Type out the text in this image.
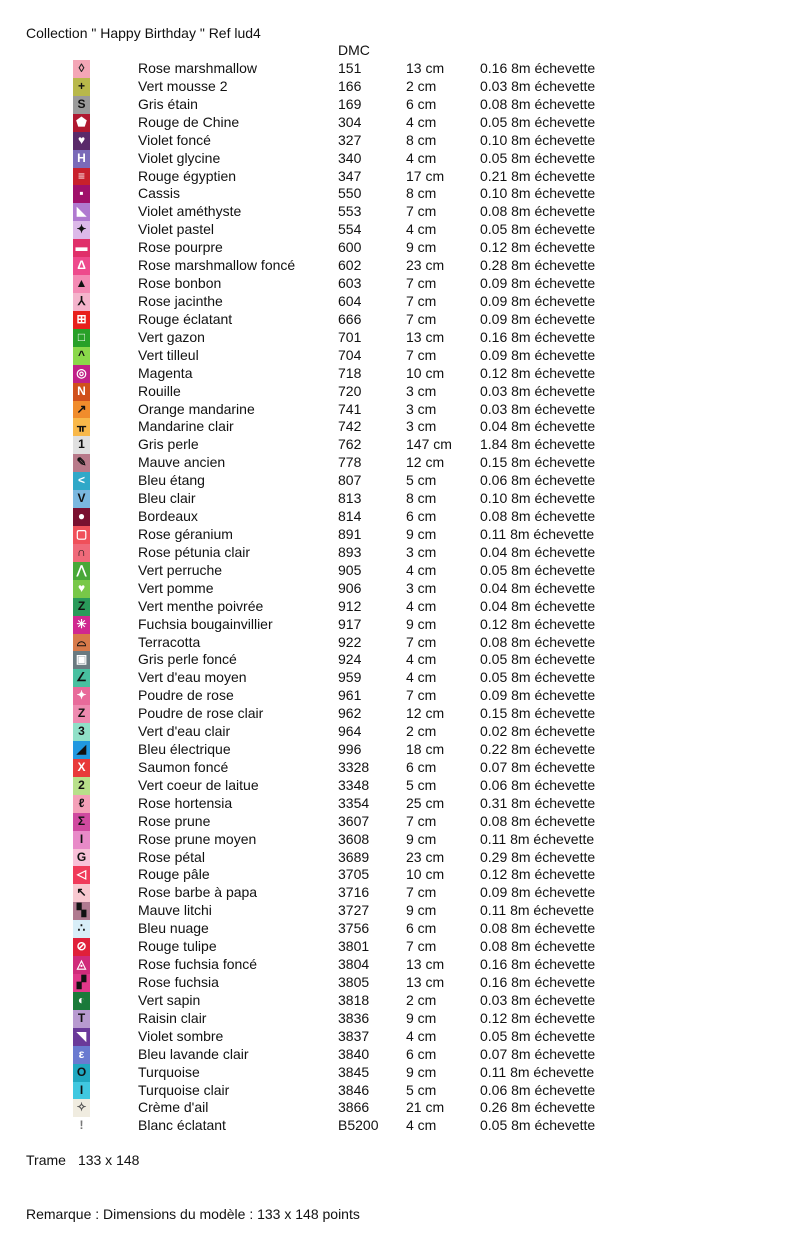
Collection " Happy Birthday " Ref lud4
DMC
◊	Rose marshmallow	151	13 cm	0.16 8m échevette
+	Vert mousse 2	166	2 cm	0.03 8m échevette
S	Gris étain	169	6 cm	0.08 8m échevette
⬟	Rouge de Chine	304	4 cm	0.05 8m échevette
♥	Violet foncé	327	8 cm	0.10 8m échevette
H	Violet glycine	340	4 cm	0.05 8m échevette
≡	Rouge égyptien	347	17 cm	0.21 8m échevette
▪	Cassis	550	8 cm	0.10 8m échevette
◣	Violet améthyste	553	7 cm	0.08 8m échevette
✦	Violet pastel	554	4 cm	0.05 8m échevette
▬	Rose pourpre	600	9 cm	0.12 8m échevette
Δ	Rose marshmallow foncé	602	23 cm	0.28 8m échevette
▲	Rose bonbon	603	7 cm	0.09 8m échevette
⅄	Rose jacinthe	604	7 cm	0.09 8m échevette
⊞	Rouge éclatant	666	7 cm	0.09 8m échevette
□	Vert gazon	701	13 cm	0.16 8m échevette
^	Vert tilleul	704	7 cm	0.09 8m échevette
◎	Magenta	718	10 cm	0.12 8m échevette
N	Rouille	720	3 cm	0.03 8m échevette
↗	Orange mandarine	741	3 cm	0.03 8m échevette
ᚂ	Mandarine clair	742	3 cm	0.04 8m échevette
1	Gris perle	762	147 cm 1.84 8m échevette
✎	Mauve ancien	778	12 cm	0.15 8m échevette
<	Bleu étang	807	5 cm	0.06 8m échevette
V	Bleu clair	813	8 cm	0.10 8m échevette
●	Bordeaux	814	6 cm	0.08 8m échevette
▢	Rose géranium	891	9 cm	0.11 8m échevette
∩	Rose pétunia clair	893	3 cm	0.04 8m échevette
⋀	Vert perruche	905	4 cm	0.05 8m échevette
♥	Vert pomme	906	3 cm	0.04 8m échevette
Z	Vert menthe poivrée	912	4 cm	0.04 8m échevette
✳	Fuchsia bougainvillier	917	9 cm	0.12 8m échevette
⌓	Terracotta	922	7 cm	0.08 8m échevette
▣	Gris perle foncé	924	4 cm	0.05 8m échevette
∠	Vert d'eau moyen	959	4 cm	0.05 8m échevette
✦	Poudre de rose	961	7 cm	0.09 8m échevette
Z	Poudre de rose clair	962	12 cm	0.15 8m échevette
3	Vert d'eau clair	964	2 cm	0.02 8m échevette
◢	Bleu électrique	996	18 cm	0.22 8m échevette
X	Saumon foncé	3328	6 cm	0.07 8m échevette
2	Vert coeur de laitue	3348	5 cm	0.06 8m échevette
ℓ	Rose hortensia	3354	25 cm	0.31 8m échevette
Σ	Rose prune	3607	7 cm	0.08 8m échevette
I	Rose prune moyen	3608	9 cm	0.11 8m échevette
G	Rose pétal	3689	23 cm	0.29 8m échevette
◁	Rouge pâle	3705	10 cm	0.12 8m échevette
↖	Rose barbe à papa	3716	7 cm	0.09 8m échevette
▚	Mauve litchi	3727	9 cm	0.11 8m échevette
∴	Bleu nuage	3756	6 cm	0.08 8m échevette
⊘	Rouge tulipe	3801	7 cm	0.08 8m échevette
◬	Rose fuchsia foncé	3804	13 cm	0.16 8m échevette
▞	Rose fuchsia	3805	13 cm	0.16 8m échevette
◐	Vert sapin	3818	2 cm	0.03 8m échevette
T	Raisin clair	3836	9 cm	0.12 8m échevette
◥	Violet sombre	3837	4 cm	0.05 8m échevette
ε	Bleu lavande clair	3840	6 cm	0.07 8m échevette
O	Turquoise	3845	9 cm	0.11 8m échevette
I	Turquoise clair	3846	5 cm	0.06 8m échevette
✧	Crème d'ail	3866	21 cm	0.26 8m échevette
!	Blanc éclatant	B5200 4 cm	0.05 8m échevette
Trame 133 x 148
Remarque : Dimensions du modèle : 133 x 148 points
